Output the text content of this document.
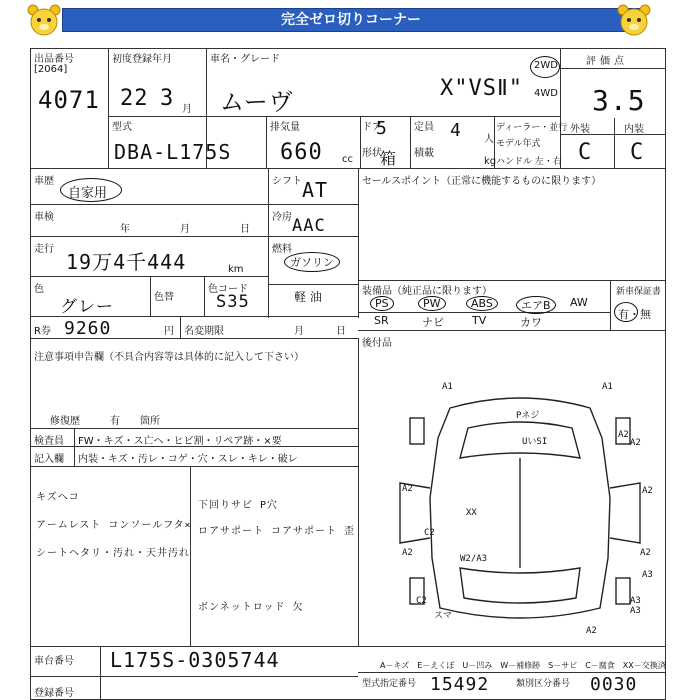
完全ゼロ切りコーナー
出品番号
[2064]
4071
初度登録年月
22 3 月
車名・グレード
ムーヴ	X"VSⅡ"
2WD
4WD
評価点
3.5
型式
DBA-L175S
排気量
660 cc
ドア
5
形状
箱
定員 4 人
積載
kg
ディーラー・並行
モデル年式
ハンドル 左・右
外装	内装
C C
車歴
自家用
シフト AT
車検
年	月	日
冷房 AAC
走行
19万4千444	km
燃料
ガソリン
軽 油
色
グレー	色替
色コード
S35
R券 9260	円 名変期限	月	日
セールスポイント（正常に機能するものに限ります）
装備品（純正品に限ります）	新車保証書
有・無
後付品
注意事項申告欄（不具合内容等は具体的に記入して下さい）
修復歴	有 箇所
検査員
記入欄
FW・キズ・ス亡ヘ・ヒビ割・リペア跡・×要
内装・キズ・汚レ・コゲ・穴・スレ・キレ・破レ
キズヘコ
アームレスト コンソールフタ×
シートヘタリ・汚れ・天井汚れ
下回りサビ P穴
ロアサポート コアサポート 歪
ボンネットロッド 欠
A1	A1
Pネジ
UいSI
A2
A2
A2	A2
XX
C2
A2	A2
A3
W2/A3
C2	A3
A3
A2
スマ
車台番号 L175S-0305744
登録番号
A－キズ　E－えくぼ　U－凹み　W－補修跡　S－サビ　C－腐食　XX－交換済
型式指定番号 15492	類別区分番号 0030
PS	PW	ABS	エアB	AW
SR	ナビ	TV	カワ
